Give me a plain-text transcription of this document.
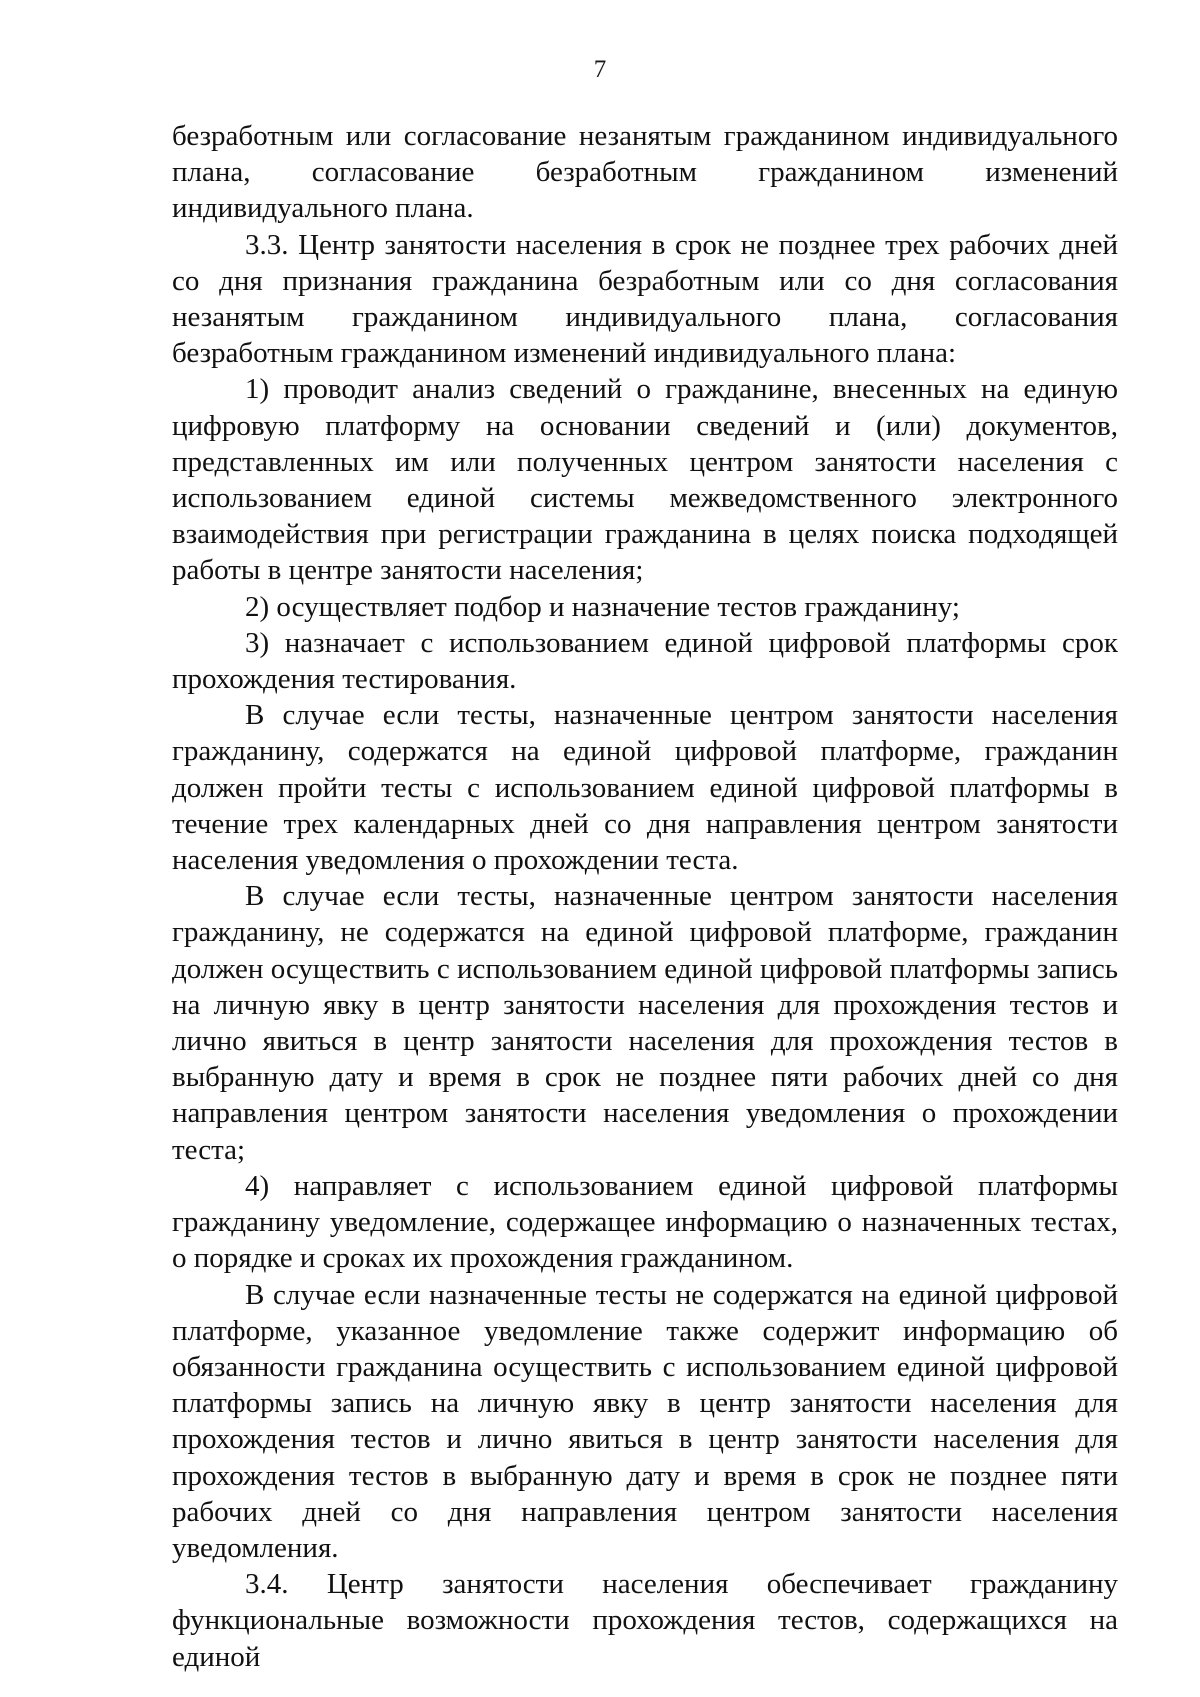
7

безработным или согласование незанятым гражданином индивидуального плана, согласование безработным гражданином изменений индивидуального плана.

3.3. Центр занятости населения в срок не позднее трех рабочих дней со дня признания гражданина безработным или со дня согласования незанятым гражданином индивидуального плана, согласования безработным гражданином изменений индивидуального плана:

1) проводит анализ сведений о гражданине, внесенных на единую цифровую платформу на основании сведений и (или) документов, представленных им или полученных центром занятости населения с использованием единой системы межведомственного электронного взаимодействия при регистрации гражданина в целях поиска подходящей работы в центре занятости населения;

2) осуществляет подбор и назначение тестов гражданину;

3) назначает с использованием единой цифровой платформы срок прохождения тестирования.

В случае если тесты, назначенные центром занятости населения гражданину, содержатся на единой цифровой платформе, гражданин должен пройти тесты с использованием единой цифровой платформы в течение трех календарных дней со дня направления центром занятости населения уведомления о прохождении теста.

В случае если тесты, назначенные центром занятости населения гражданину, не содержатся на единой цифровой платформе, гражданин должен осуществить с использованием единой цифровой платформы запись на личную явку в центр занятости населения для прохождения тестов и лично явиться в центр занятости населения для прохождения тестов в выбранную дату и время в срок не позднее пяти рабочих дней со дня направления центром занятости населения уведомления о прохождении теста;

4) направляет с использованием единой цифровой платформы гражданину уведомление, содержащее информацию о назначенных тестах, о порядке и сроках их прохождения гражданином.

В случае если назначенные тесты не содержатся на единой цифровой платформе, указанное уведомление также содержит информацию об обязанности гражданина осуществить с использованием единой цифровой платформы запись на личную явку в центр занятости населения для прохождения тестов и лично явиться в центр занятости населения для прохождения тестов в выбранную дату и время в срок не позднее пяти рабочих дней со дня направления центром занятости населения уведомления.

3.4. Центр занятости населения обеспечивает гражданину функциональные возможности прохождения тестов, содержащихся на единой
